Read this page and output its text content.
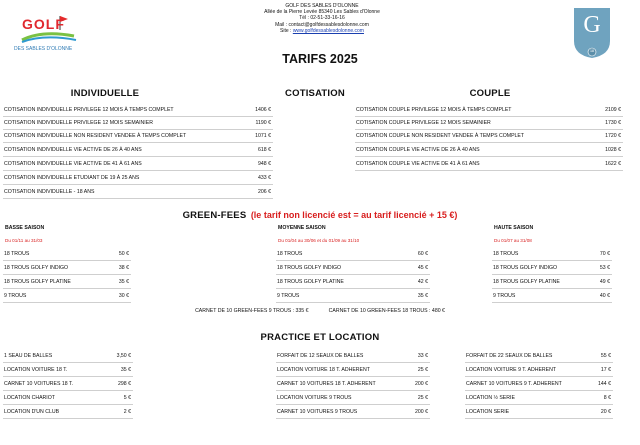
GOLF
DES SABLES D'OLONNE
GOLF DES SABLES D'OLONNE
Allée de la Pierre Levée 85340 Les Sables d'Olonne
Tél : 02-51-33-16-16
Mail : contact@golfdessablesdolonne.com
Site : www.golfdessablesdolonne.com	G
18
TARIFS 2025
INDIVIDUELLE	COTISATION	COUPLE
COTISATION INDIVIDUELLE PRIVILEGE 12 MOIS À TEMPS COMPLET	1406 €
COTISATION INDIVIDUELLE PRIVILEGE 12 MOIS SEMAINIER	1190 €
COTISATION INDIVIDUELLE NON RESIDENT VENDEE À TEMPS COMPLET	1071 €
COTISATION INDIVIDUELLE VIE ACTIVE DE 26 À 40 ANS	618 €
COTISATION INDIVIDUELLE VIE ACTIVE DE 41 À 61 ANS	948 €
COTISATION INDIVIDUELLE ETUDIANT DE 19 À 25 ANS	433 €
COTISATION INDIVIDUELLE - 18 ANS	206 €
COTISATION COUPLE PRIVILEGE 12 MOIS À TEMPS COMPLET	2109 €
COTISATION COUPLE PRIVILEGE 12 MOIS SEMAINIER	1730 €
COTISATION COUPLE NON RESIDENT VENDEE À TEMPS COMPLET	1720 €
COTISATION COUPLE VIE ACTIVE DE 26 À 40 ANS	1028 €
COTISATION COUPLE VIE ACTIVE DE 41 À 61 ANS	1622 €
GREEN-FEES (le tarif non licencié est = au tarif licencié + 15 €)
BASSE SAISON
Du 01/11 au 31/03
18 TROUS	50 €
18 TROUS GOLFY INDIGO	38 €
18 TROUS GOLFY PLATINE	35 €
9 TROUS	30 €
MOYENNE SAISON
Du 01/04 au 30/06 et du 01/09 au 31/10
18 TROUS	60 €
18 TROUS GOLFY INDIGO	45 €
18 TROUS GOLFY PLATINE	42 €
9 TROUS	35 €
HAUTE SAISON
Du 01/07 au 31/08
18 TROUS	70 €
18 TROUS GOLFY INDIGO	53 €
18 TROUS GOLFY PLATINE	49 €
9 TROUS	40 €
CARNET DE 10 GREEN-FEES 9 TROUS : 335 €              CARNET DE 10 GREEN-FEES 18 TROUS : 480 €
PRACTICE ET LOCATION
1 SEAU DE BALLES	3,50 €
LOCATION VOITURE 18 T.	35 €
CARNET 10 VOITURES 18 T.	298 €
LOCATION CHARIOT	5 €
LOCATION D'UN CLUB	2 €
FORFAIT DE 12 SEAUX DE BALLES	33 €
LOCATION VOITURE 18 T. ADHERENT	25 €
CARNET 10 VOITURES 18 T. ADHERENT	200 €
LOCATION VOITURE 9 TROUS	25 €
CARNET 10 VOITURES 9 TROUS	200 €
FORFAIT DE 22 SEAUX DE BALLES	55 €
LOCATION VOITURE 9 T. ADHERENT	17 €
CARNET 10 VOITURES 9 T. ADHERENT	144 €
LOCATION ½ SERIE	8 €
LOCATION SERIE	20 €
